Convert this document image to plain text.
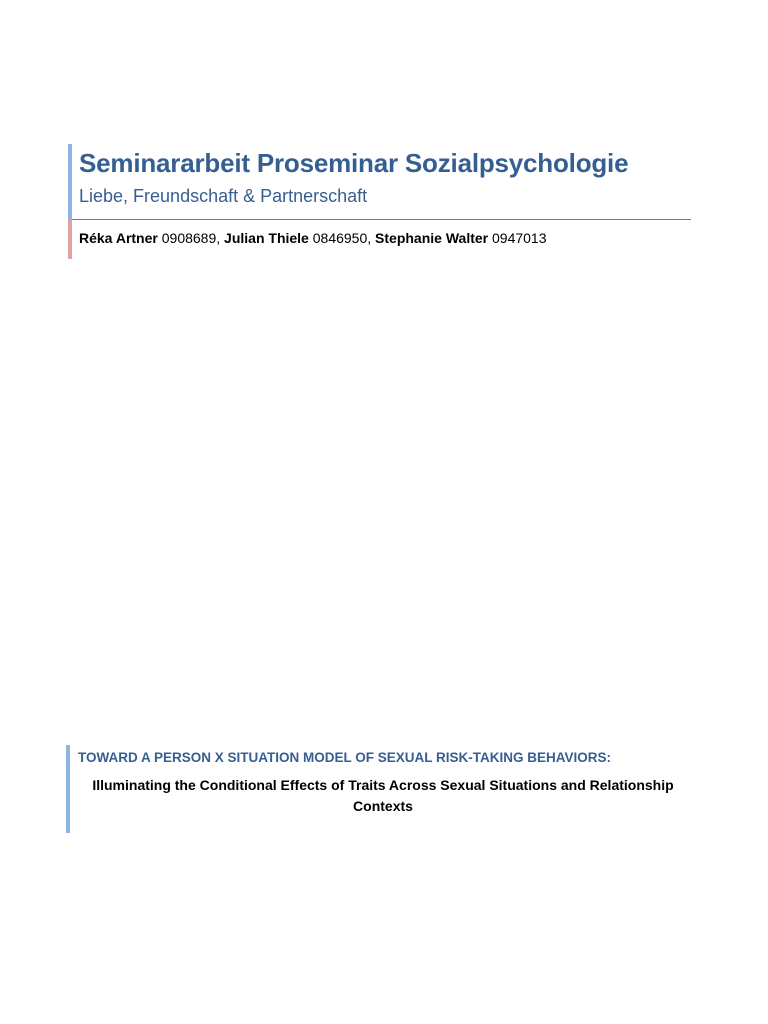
Seminararbeit Proseminar Sozialpsychologie
Liebe, Freundschaft & Partnerschaft
Réka Artner 0908689, Julian Thiele 0846950, Stephanie Walter 0947013
TOWARD A PERSON X SITUATION MODEL OF SEXUAL RISK-TAKING BEHAVIORS:

Illuminating the Conditional Effects of Traits Across Sexual Situations and Relationship Contexts
